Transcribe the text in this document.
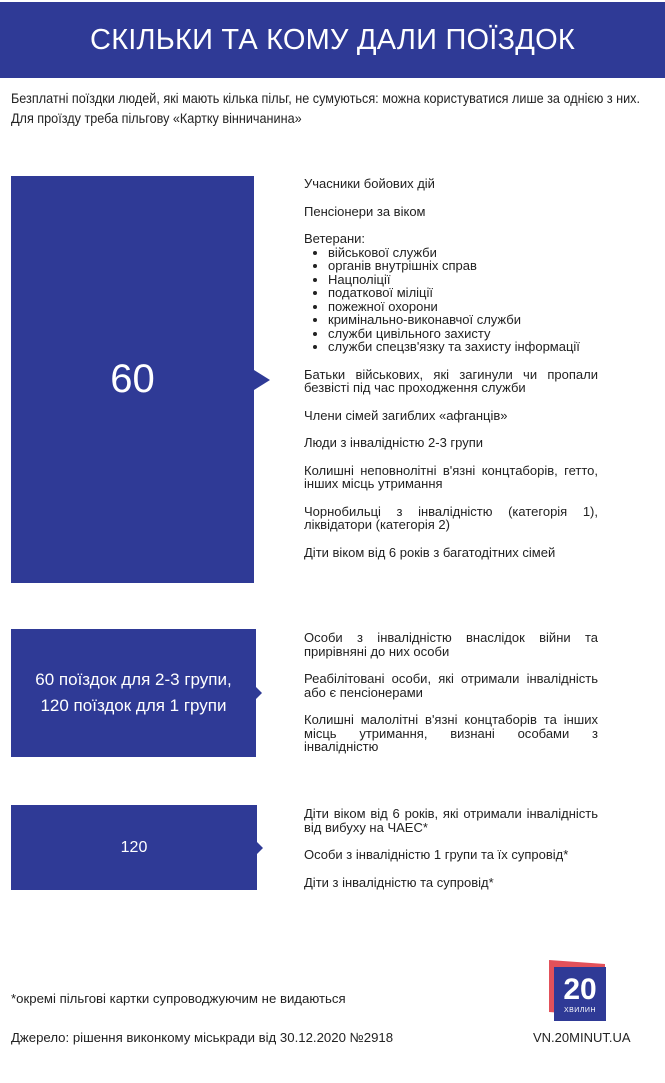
СКІЛЬКИ ТА КОМУ ДАЛИ ПОЇЗДОК
Безплатні поїздки людей, які мають кілька пільг, не сумуються: можна користуватися лише за однією з них. Для проїзду треба пільгову «Картку вінничанина»
60

Учасники бойових дій

Пенсіонери за віком

Ветерани:

• військової служби
• органів внутрішніх справ
• Нацполіції
• податкової міліції
• пожежної охорони
• кримінально-виконавчої служби
• служби цивільного захисту
• служби спецзв'язку та захисту інформації

Батьки військових, які загинули чи пропали безвісті під час проходження служби

Члени сімей загиблих «афганців»

Люди з інвалідністю 2-3 групи

Колишні неповнолітні в'язні концтаборів, гетто, інших місць утримання

Чорнобильці з інвалідністю (категорія 1), ліквідатори (категорія 2)

Діти віком від 6 років з багатодітних сімей

60 поїздок для 2-3 групи,
120 поїздок для 1 групи

Особи з інвалідністю внаслідок війни та прирівняні до них особи

Реабілітовані особи, які отримали інвалідність або є пенсіонерами

Колишні малолітні в'язні концтаборів та інших місць утримання, визнані особами з інвалідністю

120

Діти віком від 6 років, які отримали інвалідність від вибуху на ЧАЕС*

Особи з інвалідністю 1 групи та їх супровід*

Діти з інвалідністю та супровід*

*окремі пільгові картки супроводжуючим не видаються
Джерело: рішення виконкому міськради від 30.12.2020 №2918
20
ХВИЛИН
VN.20MINUT.UA
